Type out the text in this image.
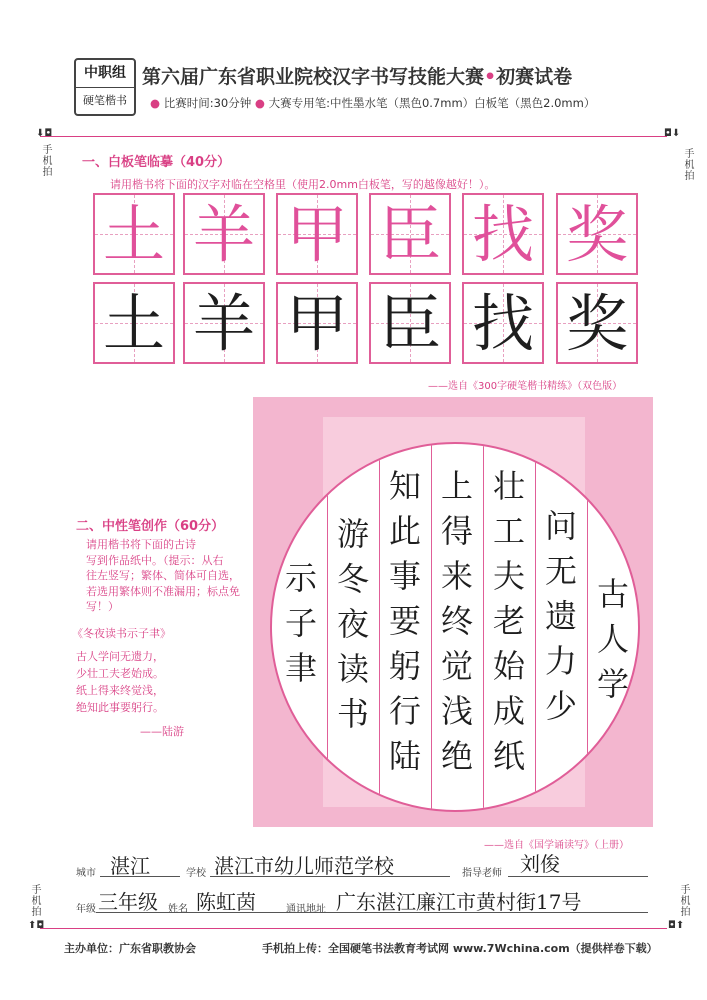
中职组
硬笔楷书
第六届广东省职业院校汉字书写技能大赛•初赛试卷
● 比赛时间:30分钟 ● 大赛专用笔:中性墨水笔（黑色0.7mm）白板笔（黑色2.0mm）
⬇◘
手机拍
◘⬇
手机拍
手机拍
⬆◘
手机拍
◘⬆
一、白板笔临摹（40分）
请用楷书将下面的汉字对临在空格里（使用2.0mm白板笔，写的越像越好！）。
土 羊 甲 臣 找 奖
土 羊 甲 臣 找 奖
——选自《300字硬笔楷书精练》（双色版）
二、中性笔创作（60分）
请用楷书将下面的古诗
写到作品纸中。（提示：从右
往左竖写；繁体、简体可自选，
若选用繁体则不准漏用；标点免
写！）
《冬夜读书示子聿》
古人学问无遗力，
少壮工夫老始成。
纸上得来终觉浅，
绝知此事要躬行。
——陆游
古人学
问无遗力少
壮工夫老始成纸
上得来终觉浅绝
知此事要躬行陆
游冬夜读书
示子聿
——选自《国学诵读写》（上册）
城市 湛江	学校 湛江市幼儿师范学校	指导老师 刘俊
年级 三年级 姓名 陈虹茵	通讯地址 广东湛江廉江市黄村街17号
主办单位：广东省职教协会	手机拍上传：全国硬笔书法教育考试网 www.7Wchina.com（提供样卷下载）
